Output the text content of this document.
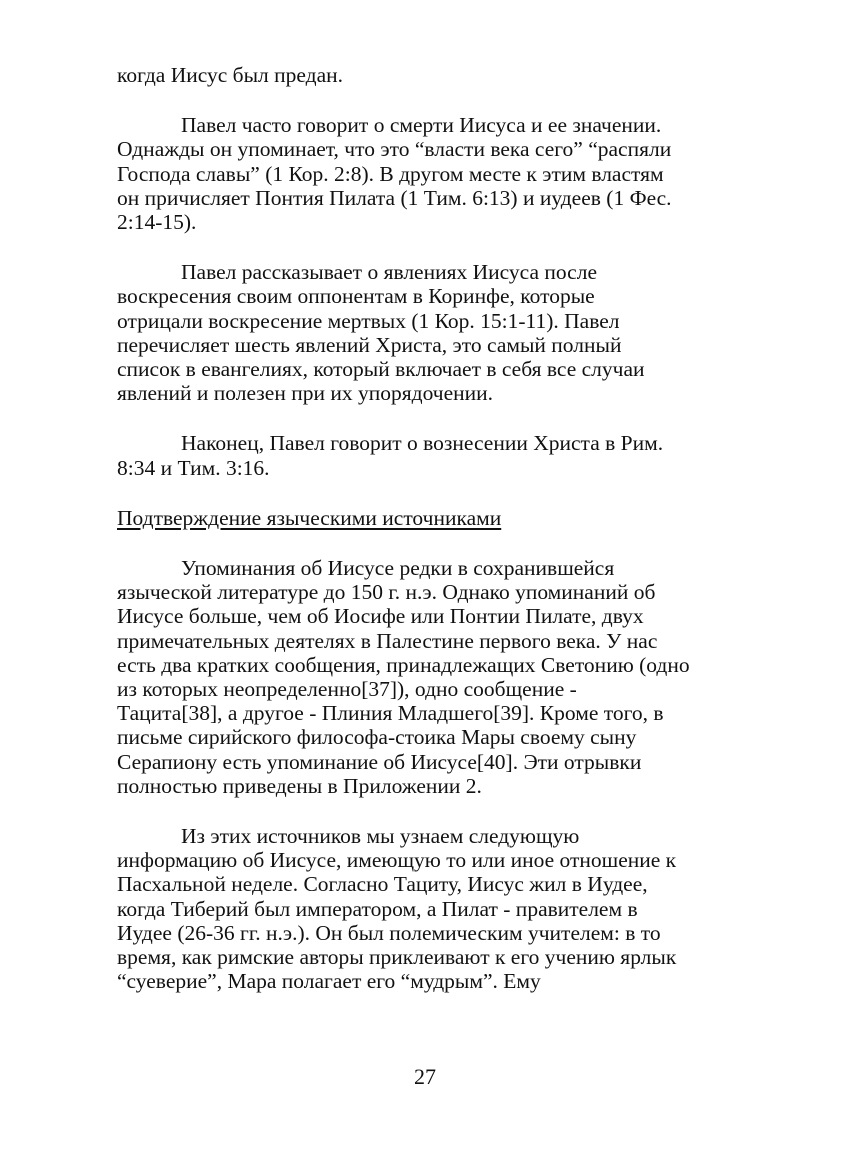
когда Иисус был предан.
Павел часто говорит о смерти Иисуса и ее значении.
Однажды он упоминает, что это “власти века сего” “распяли
Господа славы” (1 Кор. 2:8). В другом месте к этим властям
он причисляет Понтия Пилата (1 Тим. 6:13) и иудеев (1 Фес.
2:14-15).
Павел рассказывает о явлениях Иисуса после
воскресения своим оппонентам в Коринфе, которые
отрицали воскресение мертвых (1 Кор. 15:1-11). Павел
перечисляет шесть явлений Христа, это самый полный
список в евангелиях, который включает в себя все случаи
явлений и полезен при их упорядочении.
Наконец, Павел говорит о вознесении Христа в Рим.
8:34 и Тим. 3:16.
Подтверждение языческими источниками
Упоминания об Иисусе редки в сохранившейся
языческой литературе до 150 г. н.э. Однако упоминаний об
Иисусе больше, чем об Иосифе или Понтии Пилате, двух
примечательных деятелях в Палестине первого века. У нас
есть два кратких сообщения, принадлежащих Светонию (одно
из которых неопределенно[37]), одно сообщение -
Тацита[38], а другое - Плиния Младшего[39]. Кроме того, в
письме сирийского философа-стоика Мары своему сыну
Серапиону есть упоминание об Иисусе[40]. Эти отрывки
полностью приведены в Приложении 2.
Из этих источников мы узнаем следующую
информацию об Иисусе, имеющую то или иное отношение к
Пасхальной неделе. Согласно Тациту, Иисус жил в Иудее,
когда Тиберий был императором, а Пилат - правителем в
Иудее (26-36 гг. н.э.). Он был полемическим учителем: в то
время, как римские авторы приклеивают к его учению ярлык
“суеверие”, Мара полагает его “мудрым”. Ему
27
